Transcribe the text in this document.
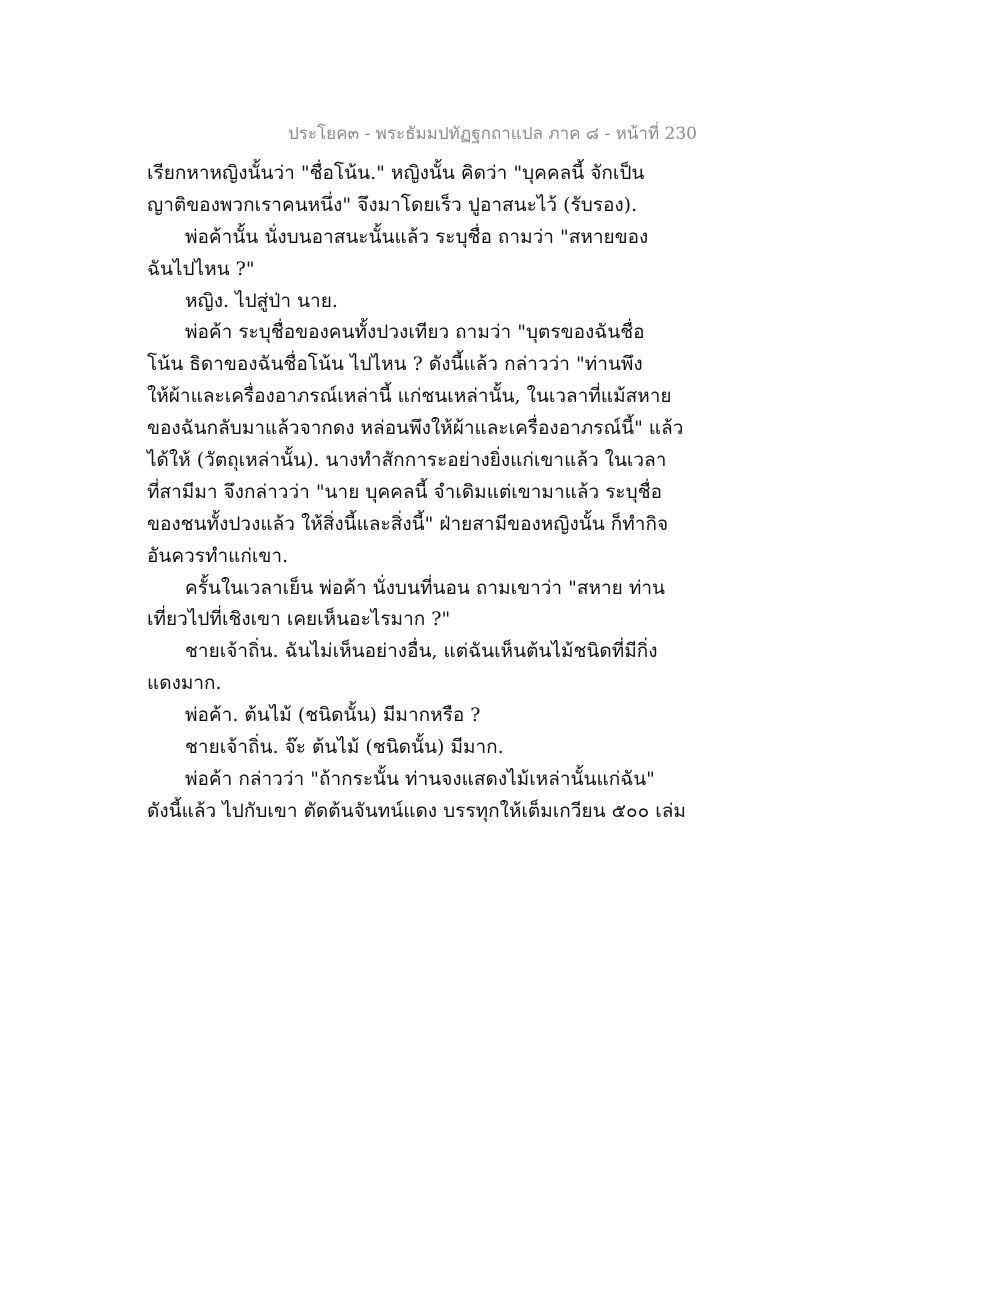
ประโยค๓ - พระธัมมปทัฏฐกถาแปล ภาค ๘ - หน้าที่ 230
เรียกหาหญิงนั้นว่า "ชื่อโน้น." หญิงนั้น คิดว่า "บุคคลนี้ จักเป็น
ญาติของพวกเราคนหนึ่ง" จึงมาโดยเร็ว ปูอาสนะไว้ (รับรอง).
พ่อค้านั้น นั่งบนอาสนะนั้นแล้ว ระบุชื่อ ถามว่า "สหายของ
ฉันไปไหน ?"
หญิง. ไปสู่ป่า นาย.
พ่อค้า ระบุชื่อของคนทั้งปวงเทียว ถามว่า "บุตรของฉันชื่อ
โน้น ธิดาของฉันชื่อโน้น ไปไหน ? ดังนี้แล้ว กล่าวว่า "ท่านพึง
ให้ผ้าและเครื่องอาภรณ์เหล่านี้ แก่ชนเหล่านั้น, ในเวลาที่แม้สหาย
ของฉันกลับมาแล้วจากดง หล่อนพึงให้ผ้าและเครื่องอาภรณ์นี้" แล้ว
ได้ให้ (วัตถุเหล่านั้น). นางทำสักการะอย่างยิ่งแก่เขาแล้ว ในเวลา
ที่สามีมา จึงกล่าวว่า "นาย บุคคลนี้ จำเดิมแต่เขามาแล้ว ระบุชื่อ
ของชนทั้งปวงแล้ว ให้สิ่งนี้และสิ่งนี้" ฝ่ายสามีของหญิงนั้น ก็ทำกิจ
อันควรทำแก่เขา.
ครั้นในเวลาเย็น พ่อค้า นั่งบนที่นอน ถามเขาว่า "สหาย ท่าน
เที่ยวไปที่เชิงเขา เคยเห็นอะไรมาก ?"
ชายเจ้าถิ่น. ฉันไม่เห็นอย่างอื่น, แต่ฉันเห็นต้นไม้ชนิดที่มีกิ่ง
แดงมาก.
พ่อค้า. ต้นไม้ (ชนิดนั้น) มีมากหรือ ?
ชายเจ้าถิ่น. จ๊ะ ต้นไม้ (ชนิดนั้น) มีมาก.
พ่อค้า กล่าวว่า "ถ้ากระนั้น ท่านจงแสดงไม้เหล่านั้นแก่ฉัน"
ดังนี้แล้ว ไปกับเขา ตัดต้นจันทน์แดง บรรทุกให้เต็มเกวียน ๕๐๐ เล่ม
